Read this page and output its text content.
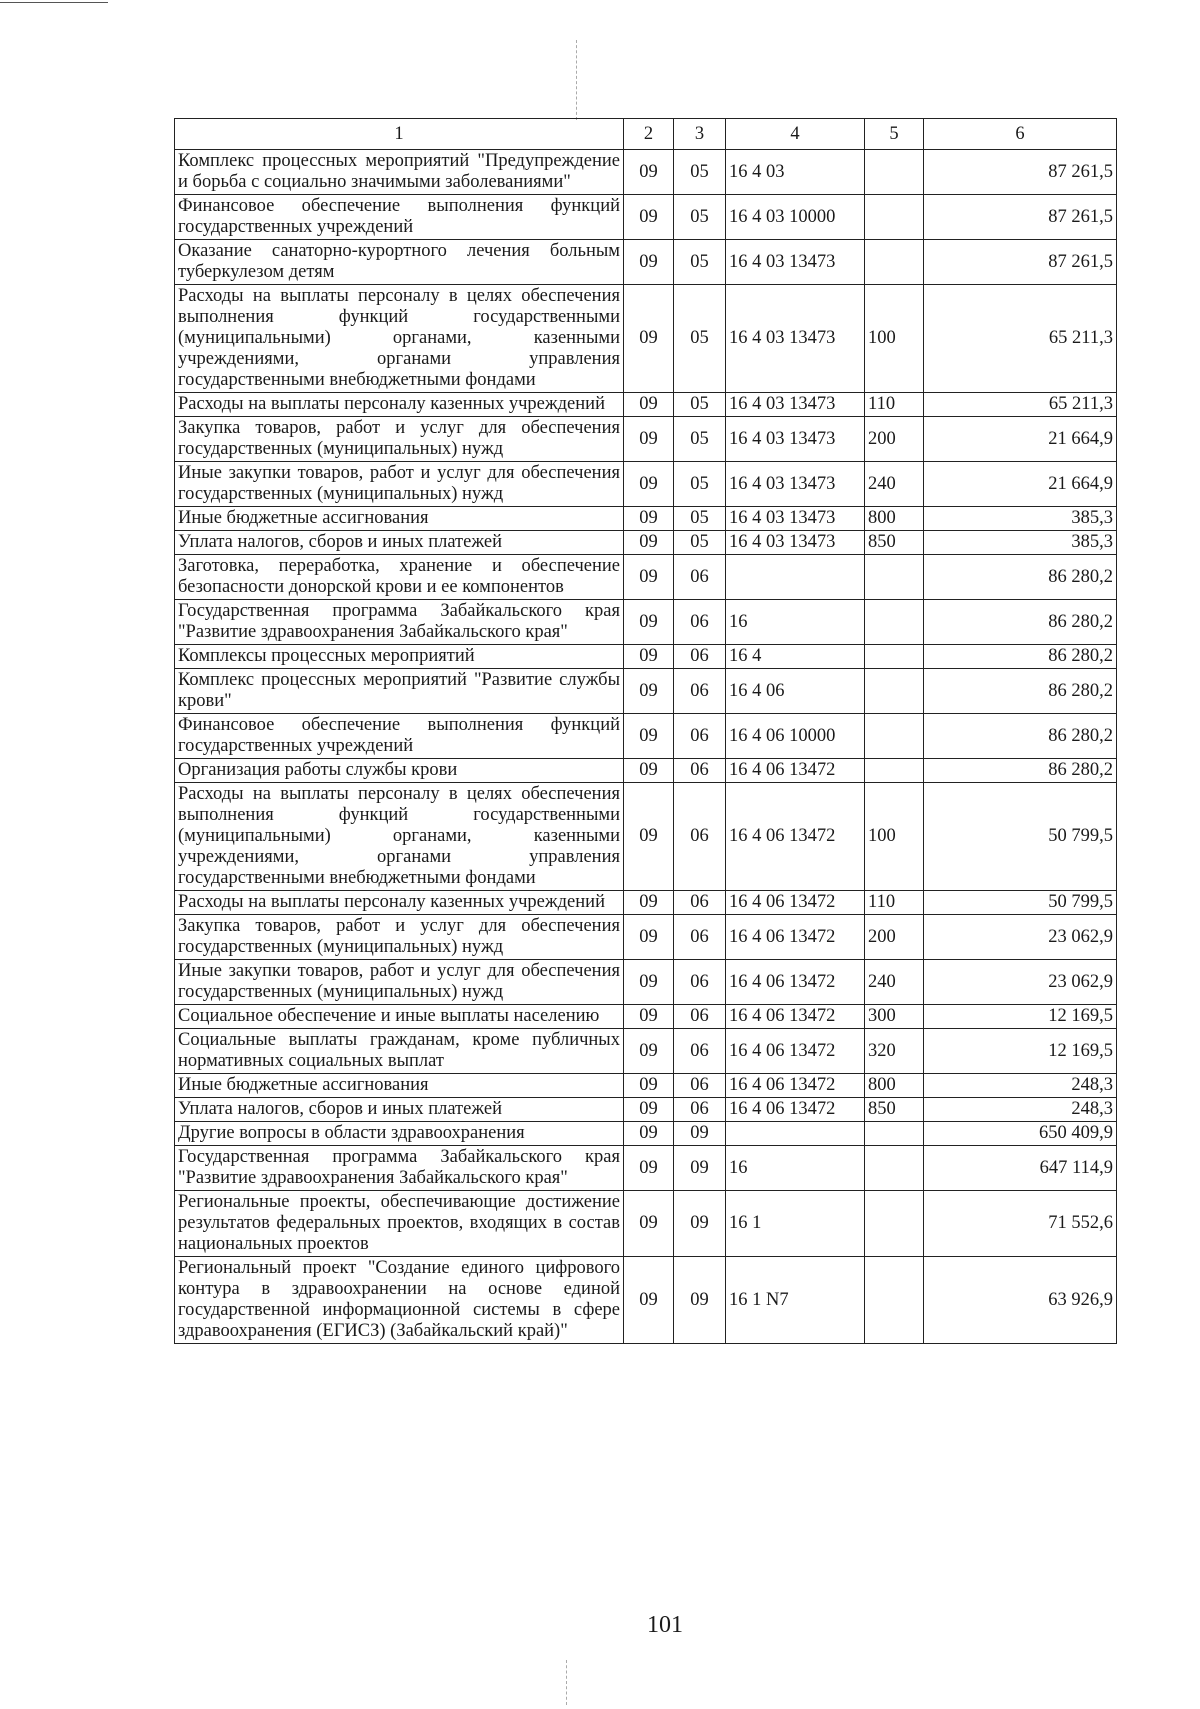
1	2	3	4	5	6
Комплекс процессных мероприятий "Предупреждение и борьба с социально значимыми заболеваниями"	09	05	16 4 03		87 261,5
Финансовое обеспечение выполнения функций государственных учреждений	09	05	16 4 03 10000		87 261,5
Оказание санаторно-курортного лечения больным туберкулезом детям	09	05	16 4 03 13473		87 261,5
Расходы на выплаты персоналу в целях обеспечения выполнения функций государственными (муниципальными) органами, казенными учреждениями, органами управления государственными внебюджетными фондами	09	05	16 4 03 13473	100	65 211,3
Расходы на выплаты персоналу казенных учреждений	09	05	16 4 03 13473	110	65 211,3
Закупка товаров, работ и услуг для обеспечения государственных (муниципальных) нужд	09	05	16 4 03 13473	200	21 664,9
Иные закупки товаров, работ и услуг для обеспечения государственных (муниципальных) нужд	09	05	16 4 03 13473	240	21 664,9
Иные бюджетные ассигнования	09	05	16 4 03 13473	800	385,3
Уплата налогов, сборов и иных платежей	09	05	16 4 03 13473	850	385,3
Заготовка, переработка, хранение и обеспечение безопасности донорской крови и ее компонентов	09	06			86 280,2
Государственная программа Забайкальского края "Развитие здравоохранения Забайкальского края"	09	06	16		86 280,2
Комплексы процессных мероприятий	09	06	16 4		86 280,2
Комплекс процессных мероприятий "Развитие службы крови"	09	06	16 4 06		86 280,2
Финансовое обеспечение выполнения функций государственных учреждений	09	06	16 4 06 10000		86 280,2
Организация работы службы крови	09	06	16 4 06 13472		86 280,2
Расходы на выплаты персоналу в целях обеспечения выполнения функций государственными (муниципальными) органами, казенными учреждениями, органами управления государственными внебюджетными фондами	09	06	16 4 06 13472	100	50 799,5
Расходы на выплаты персоналу казенных учреждений	09	06	16 4 06 13472	110	50 799,5
Закупка товаров, работ и услуг для обеспечения государственных (муниципальных) нужд	09	06	16 4 06 13472	200	23 062,9
Иные закупки товаров, работ и услуг для обеспечения государственных (муниципальных) нужд	09	06	16 4 06 13472	240	23 062,9
Социальное обеспечение и иные выплаты населению	09	06	16 4 06 13472	300	12 169,5
Социальные выплаты гражданам, кроме публичных нормативных социальных выплат	09	06	16 4 06 13472	320	12 169,5
Иные бюджетные ассигнования	09	06	16 4 06 13472	800	248,3
Уплата налогов, сборов и иных платежей	09	06	16 4 06 13472	850	248,3
Другие вопросы в области здравоохранения	09	09			650 409,9
Государственная программа Забайкальского края "Развитие здравоохранения Забайкальского края"	09	09	16		647 114,9
Региональные проекты, обеспечивающие достижение результатов федеральных проектов, входящих в состав национальных проектов	09	09	16 1		71 552,6
Региональный проект "Создание единого цифрового контура в здравоохранении на основе единой государственной информационной системы в сфере здравоохранения (ЕГИСЗ) (Забайкальский край)"	09	09	16 1 N7		63 926,9
101
